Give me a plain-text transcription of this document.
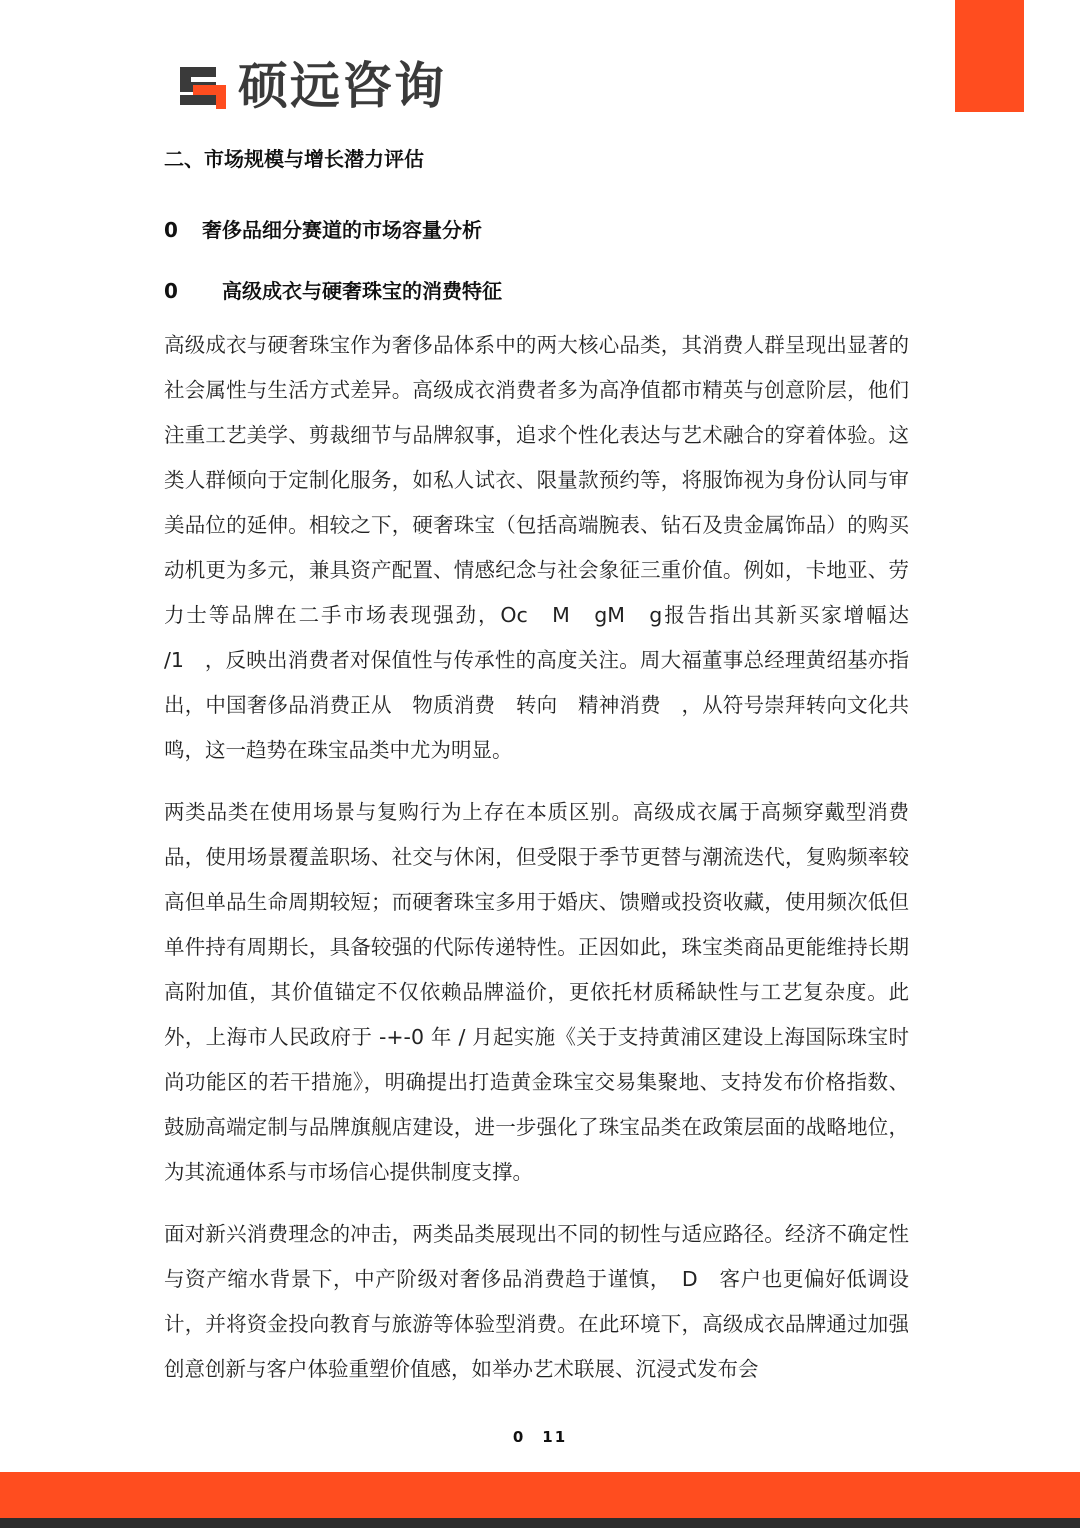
硕远咨询
二、市场规模与增长潜力评估
0 奢侈品细分赛道的市场容量分析
0 高级成衣与硬奢珠宝的消费特征

高级成衣与硬奢珠宝作为奢侈品体系中的两大核心品类，其消费人群呈现出显著的社会属性与生活方式差异。高级成衣消费者多为高净值都市精英与创意阶层，他们注重工艺美学、剪裁细节与品牌叙事，追求个性化表达与艺术融合的穿着体验。这类人群倾向于定制化服务，如私人试衣、限量款预约等，将服饰视为身份认同与审美品位的延伸。相较之下，硬奢珠宝（包括高端腕表、钻石及贵金属饰品）的购买动机更为多元，兼具资产配置、情感纪念与社会象征三重价值。例如，卡地亚、劳力士等品牌在二手市场表现强劲，Oc　M　gM　g报告指出其新买家增幅达 /1　，反映出消费者对保值性与传承性的高度关注。周大福董事总经理黄绍基亦指出，中国奢侈品消费正从　物质消费　转向　精神消费　，从符号崇拜转向文化共鸣，这一趋势在珠宝品类中尤为明显。

两类品类在使用场景与复购行为上存在本质区别。高级成衣属于高频穿戴型消费品，使用场景覆盖职场、社交与休闲，但受限于季节更替与潮流迭代，复购频率较高但单品生命周期较短；而硬奢珠宝多用于婚庆、馈赠或投资收藏，使用频次低但单件持有周期长，具备较强的代际传递特性。正因如此，珠宝类商品更能维持长期高附加值，其价值锚定不仅依赖品牌溢价，更依托材质稀缺性与工艺复杂度。此外，上海市人民政府于 -+-0 年 / 月起实施《关于支持黄浦区建设上海国际珠宝时尚功能区的若干措施》，明确提出打造黄金珠宝交易集聚地、支持发布价格指数、鼓励高端定制与品牌旗舰店建设，进一步强化了珠宝品类在政策层面的战略地位，为其流通体系与市场信心提供制度支撑。

面对新兴消费理念的冲击，两类品类展现出不同的韧性与适应路径。经济不确定性与资产缩水背景下，中产阶级对奢侈品消费趋于谨慎，　D　客户也更偏好低调设计，并将资金投向教育与旅游等体验型消费。在此环境下，高级成衣品牌通过加强创意创新与客户体验重塑价值感，如举办艺术联展、沉浸式发布会

0　11
